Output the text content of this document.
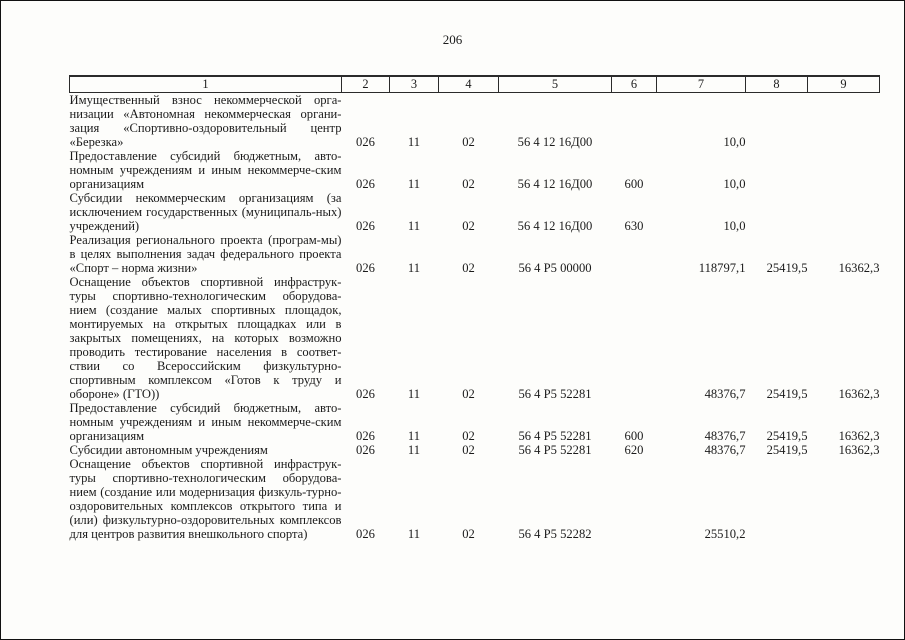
206
1	2	3	4	5	6	7	8	9
Имущественный взнос некоммерческой орга-низации «Автономная некоммерческая органи-зация «Спортивно-оздоровительный центр «Березка»	026	11	02	56 4 12 16Д00		10,0		
Предоставление субсидий бюджетным, авто-номным учреждениям и иным некоммерче-ским организациям	026	11	02	56 4 12 16Д00	600	10,0		
Субсидии некоммерческим организациям (за исключением государственных (муниципаль-ных) учреждений)	026	11	02	56 4 12 16Д00	630	10,0		
Реализация регионального проекта (програм-мы) в целях выполнения задач федерального проекта «Спорт – норма жизни»	026	11	02	56 4 Р5 00000		118797,1	25419,5	16362,3
Оснащение объектов спортивной инфраструк-туры спортивно-технологическим оборудова-нием (создание малых спортивных площадок, монтируемых на открытых площадках или в закрытых помещениях, на которых возможно проводить тестирование населения в соответ-ствии со Всероссийским физкультурно-спортивным комплексом «Готов к труду и обороне» (ГТО))	026	11	02	56 4 Р5 52281		48376,7	25419,5	16362,3
Предоставление субсидий бюджетным, авто-номным учреждениям и иным некоммерче-ским организациям	026	11	02	56 4 Р5 52281	600	48376,7	25419,5	16362,3
Субсидии автономным учреждениям	026	11	02	56 4 Р5 52281	620	48376,7	25419,5	16362,3
Оснащение объектов спортивной инфраструк-туры спортивно-технологическим оборудова-нием (создание или модернизация физкуль-турно-оздоровительных комплексов открытого типа и (или) физкультурно-оздоровительных комплексов для центров развития внешкольного спорта)	026	11	02	56 4 Р5 52282		25510,2		
